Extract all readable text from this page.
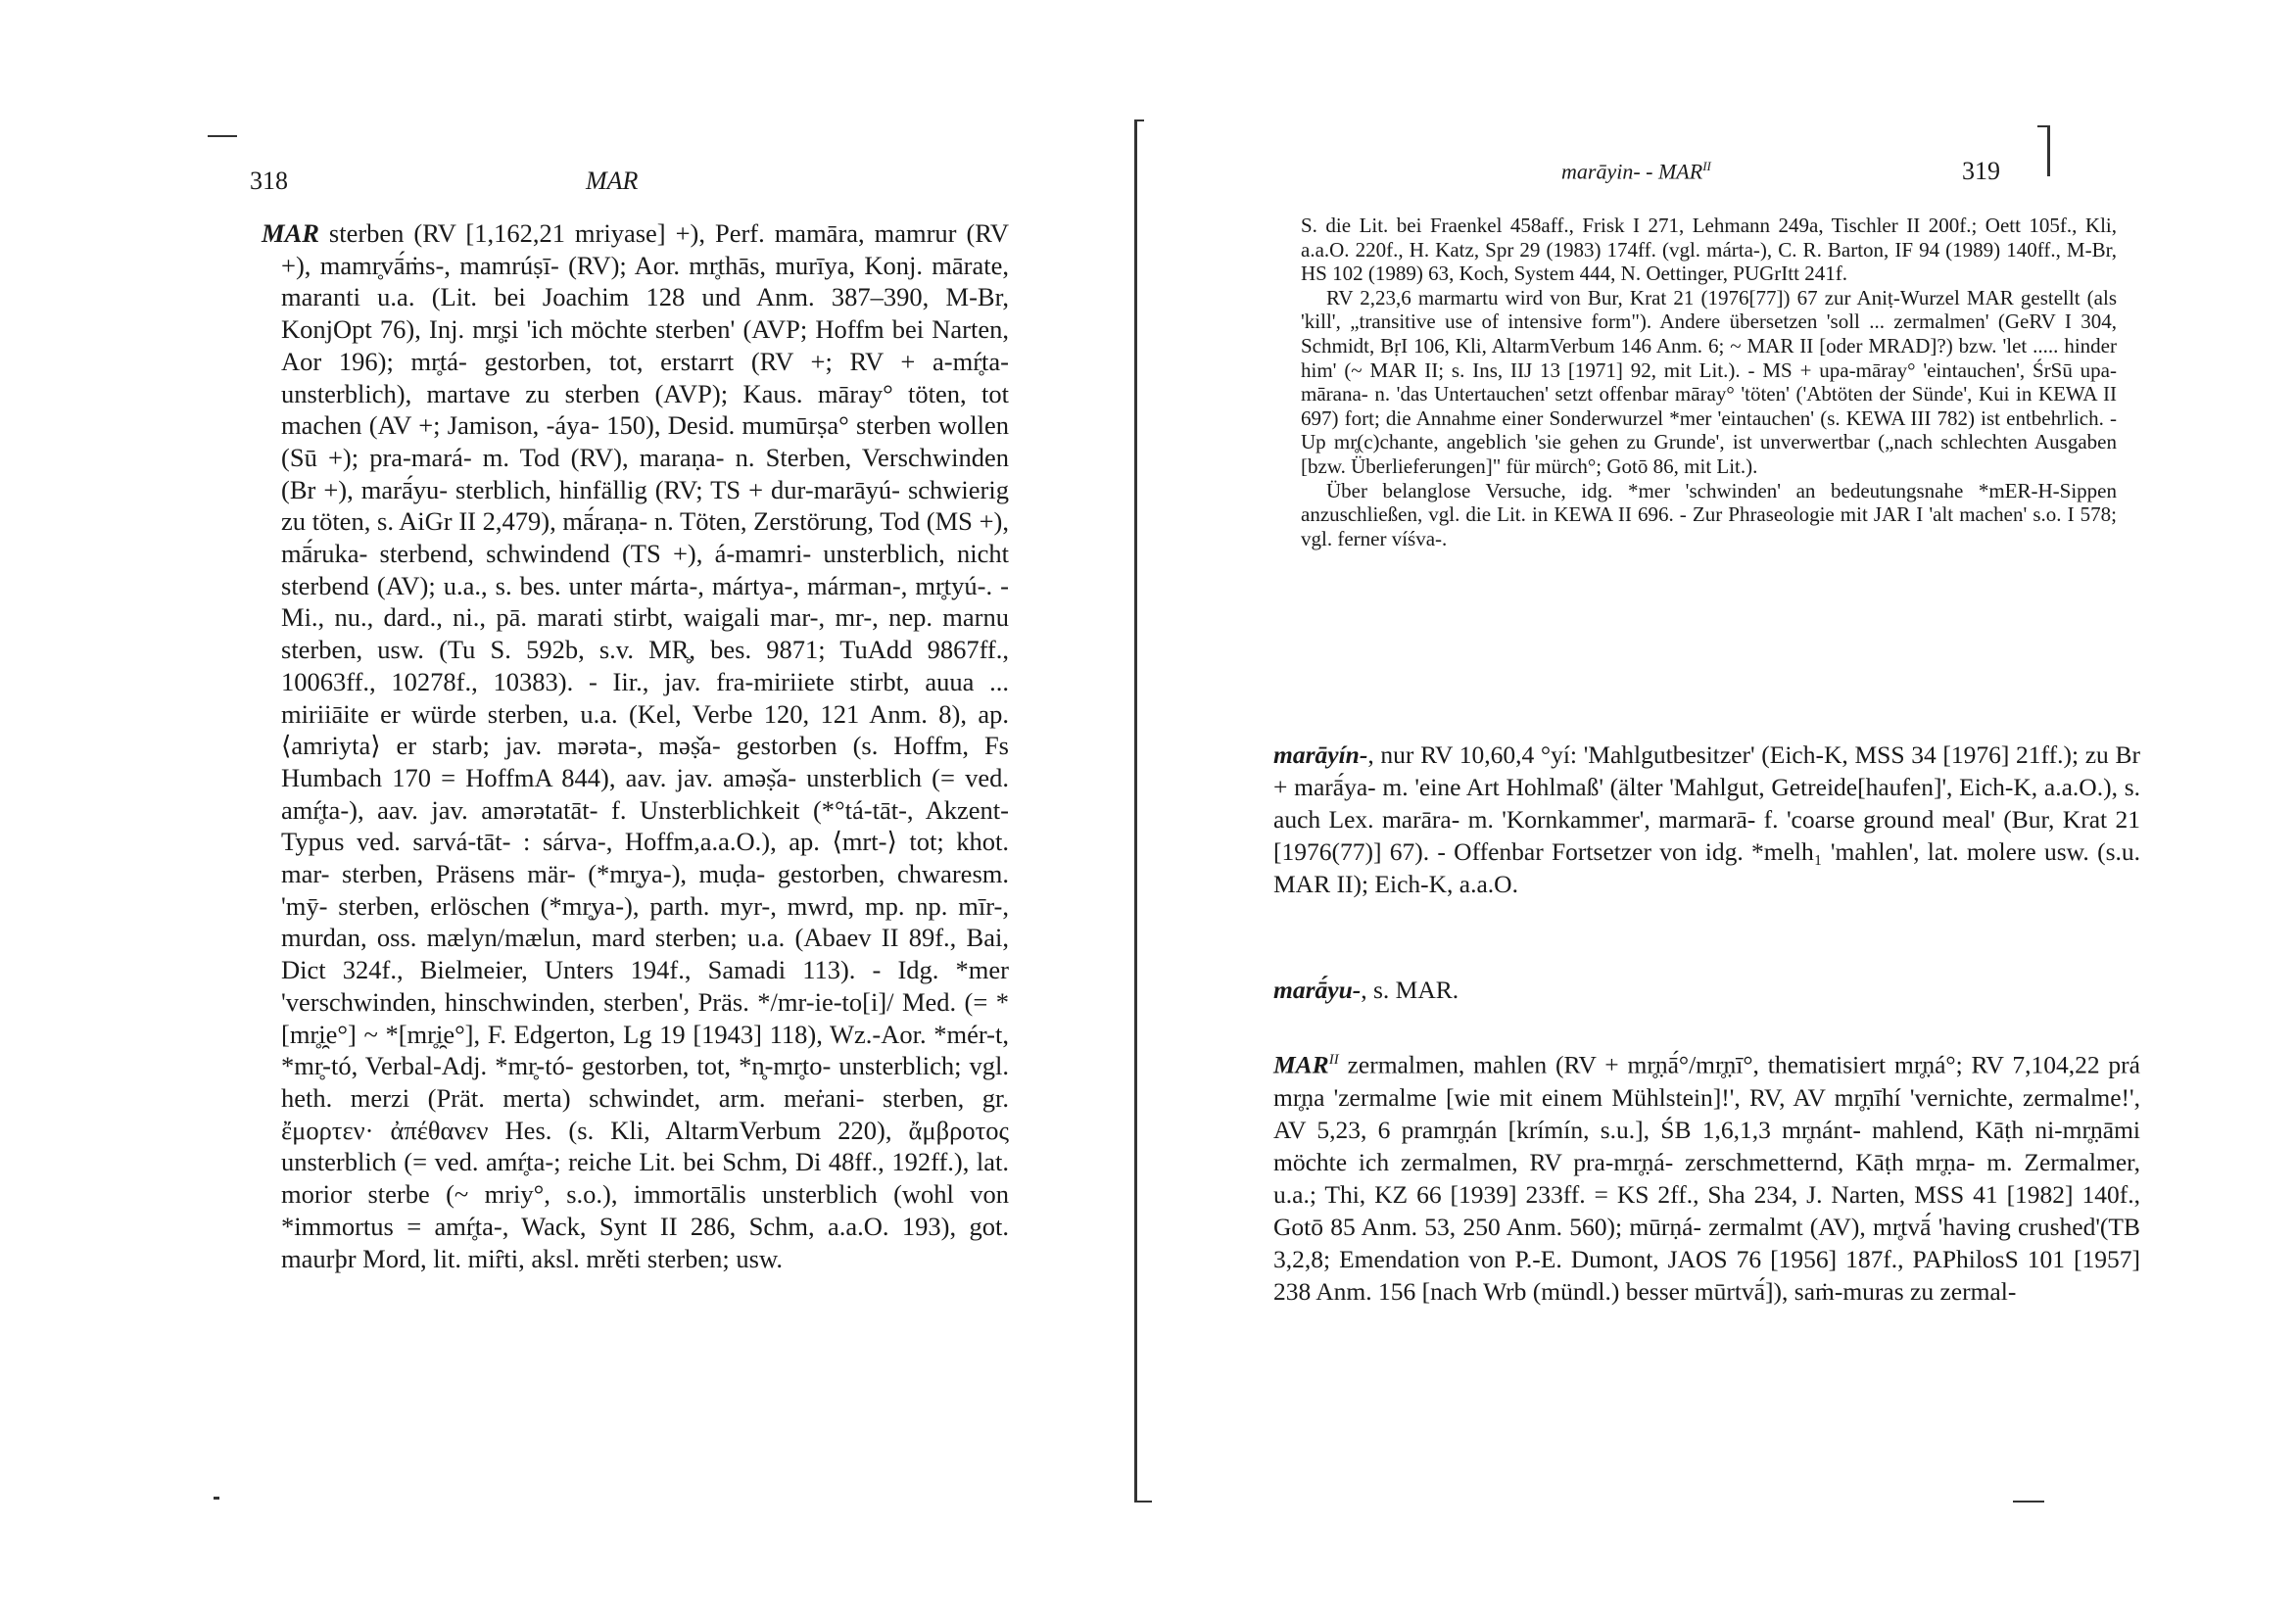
318	MAR

MAR sterben (RV [1,162,21 mriyase] +), Perf. mamāra, mamrur (RV +), mamr̥vā́ṁs-, mamrúṣī- (RV); Aor. mr̥thās, murīya, Konj. mārate, maranti u.a. (Lit. bei Joachim 128 und Anm. 387–390, M-Br, KonjOpt 76), Inj. mr̥ṣi 'ich möchte sterben' (AVP; Hoffm bei Narten, Aor 196); mr̥tá- gestorben, tot, erstarrt (RV +; RV + a-mŕ̥ta- unsterblich), martave zu sterben (AVP); Kaus. māray° töten, tot machen (AV +; Jamison, -áya- 150), Desid. mumūrṣa° sterben wollen (Sū +); pra-mará- m. Tod (RV), maraṇa- n. Sterben, Verschwinden (Br +), marā́yu- sterblich, hinfällig (RV; TS + dur-marāyú- schwierig zu töten, s. AiGr II 2,479), mā́raṇa- n. Töten, Zerstörung, Tod (MS +), mā́ruka- sterbend, schwindend (TS +), á-mamri- unsterblich, nicht sterbend (AV); u.a., s. bes. unter márta-, mártya-, márman-, mr̥tyú-. - Mi., nu., dard., ni., pā. marati stirbt, waigali mar-, mr-, nep. marnu sterben, usw. (Tu S. 592b, s.v. MR̥, bes. 9871; TuAdd 9867ff., 10063ff., 10278f., 10383). - Iir., jav. fra-miriiete stirbt, auua ... miriiāite er würde sterben, u.a. (Kel, Verbe 120, 121 Anm. 8), ap. ⟨amriyta⟩ er starb; jav. mərəta-, məṣ̌a- gestorben (s. Hoffm, Fs Humbach 170 = HoffmA 844), aav. jav. aməṣ̌a- unsterblich (= ved. amŕ̥ta-), aav. jav. amərətatāt- f. Unsterblichkeit (*°tá-tāt-, Akzent-Typus ved. sarvá-tāt- : sárva-, Hoffm,a.a.O.), ap. ⟨mrt-⟩ tot; khot. mar- sterben, Präsens mär- (*mr̥ya-), muḍa- gestorben, chwaresm. 'mȳ- sterben, erlöschen (*mr̥ya-), parth. myr-, mwrd, mp. np. mīr-, murdan, oss. mælyn/mælun, mard sterben; u.a. (Abaev II 89f., Bai, Dict 324f., Bielmeier, Unters 194f., Samadi 113). - Idg. *mer 'verschwinden, hinschwinden, sterben', Präs. */mr-ie-to[i]/ Med. (= *[mr̥i̯e°] ~ *[mr̥i̯e°], F. Edgerton, Lg 19 [1943] 118), Wz.-Aor. *mér-t, *mr̥-tó, Verbal-Adj. *mr̥-tó- gestorben, tot, *n̥-mr̥to- unsterblich; vgl. heth. merzi (Prät. merta) schwindet, arm. meṙani- sterben, gr. ἔμορτεν· ἀπέθανεν Hes. (s. Kli, AltarmVerbum 220), ἄμβροτος unsterblich (= ved. amŕ̥ta-; reiche Lit. bei Schm, Di 48ff., 192ff.), lat. morior sterbe (~ mriy°, s.o.), immortālis unsterblich (wohl von *immortus = amŕ̥ta-, Wack, Synt II 286, Schm, a.a.O. 193), got. maurþr Mord, lit. miȓti, aksl. mrěti sterben; usw.

marāyin- - $MAR^{II}$	319

S. die Lit. bei Fraenkel 458aff., Frisk I 271, Lehmann 249a, Tischler II 200f.; Oett 105f., Kli, a.a.O. 220f., H. Katz, Spr 29 (1983) 174ff. (vgl. márta-), C. R. Barton, IF 94 (1989) 140ff., M-Br, HS 102 (1989) 63, Koch, System 444, N. Oettinger, PUGrItt 241f.

RV 2,23,6 marmartu wird von Bur, Krat 21 (1976[77]) 67 zur Aniṭ-Wurzel MAR gestellt (als 'kill', „transitive use of intensive form"). Andere übersetzen 'soll ... zermalmen' (GeRV I 304, Schmidt, BṛI 106, Kli, AltarmVerbum 146 Anm. 6; ~ MAR II [oder MRAD]?) bzw. 'let ..... hinder him' (~ MAR II; s. Ins, IIJ 13 [1971] 92, mit Lit.). - MS + upa-māray° 'eintauchen', ŚrSū upa-mārana- n. 'das Untertauchen' setzt offenbar māray° 'töten' ('Abtöten der Sünde', Kui in KEWA II 697) fort; die Annahme einer Sonderwurzel *mer 'eintauchen' (s. KEWA III 782) ist entbehrlich. - Up mr̥(c)chante, angeblich 'sie gehen zu Grunde', ist unverwertbar („nach schlechten Ausgaben [bzw. Überlieferungen]" für mürch°; Gotō 86, mit Lit.).

Über belanglose Versuche, idg. *mer 'schwinden' an bedeutungsnahe *mER-H-Sippen anzuschließen, vgl. die Lit. in KEWA II 696. - Zur Phraseologie mit JAR I 'alt machen' s.o. I 578; vgl. ferner víśva-.

marāyín-, nur RV 10,60,4 °yí: 'Mahlgutbesitzer' (Eich-K, MSS 34 [1976] 21ff.); zu Br + marā́ya- m. 'eine Art Hohlmaß' (älter 'Mahlgut, Getreide[haufen]', Eich-K, a.a.O.), s. auch Lex. marāra- m. 'Kornkammer', marmarā- f. 'coarse ground meal' (Bur, Krat 21 [1976(77)] 67). - Offenbar Fortsetzer von idg. *melh₁ 'mahlen', lat. molere usw. (s.u. MAR II); Eich-K, a.a.O.

marā́yu-, s. MAR.

$MAR^{II}$ zermalmen, mahlen (RV + mr̥ṇā́°/mr̥ṇī°, thematisiert mr̥ṇá°; RV 7,104,22 prá mr̥ṇa 'zermalme [wie mit einem Mühlstein]!', RV, AV mr̥ṇīhí 'vernichte, zermalme!', AV 5,23, 6 pramr̥ṇán [krímín, s.u.], ŚB 1,6,1,3 mr̥nánt- mahlend, Kāṭh ni-mr̥ṇāmi möchte ich zermalmen, RV pra-mr̥ṇá- zerschmetternd, Kāṭh mr̥ṇa- m. Zermalmer, u.a.; Thi, KZ 66 [1939] 233ff. = KS 2ff., Sha 234, J. Narten, MSS 41 [1982] 140f., Gotō 85 Anm. 53, 250 Anm. 560); mūrṇá- zermalmt (AV), mr̥tvā́ 'having crushed'(TB 3,2,8; Emendation von P.-E. Dumont, JAOS 76 [1956] 187f., PAPhilosS 101 [1957] 238 Anm. 156 [nach Wrb (mündl.) besser mūrtvā́]), saṁ-muras zu zermal-
